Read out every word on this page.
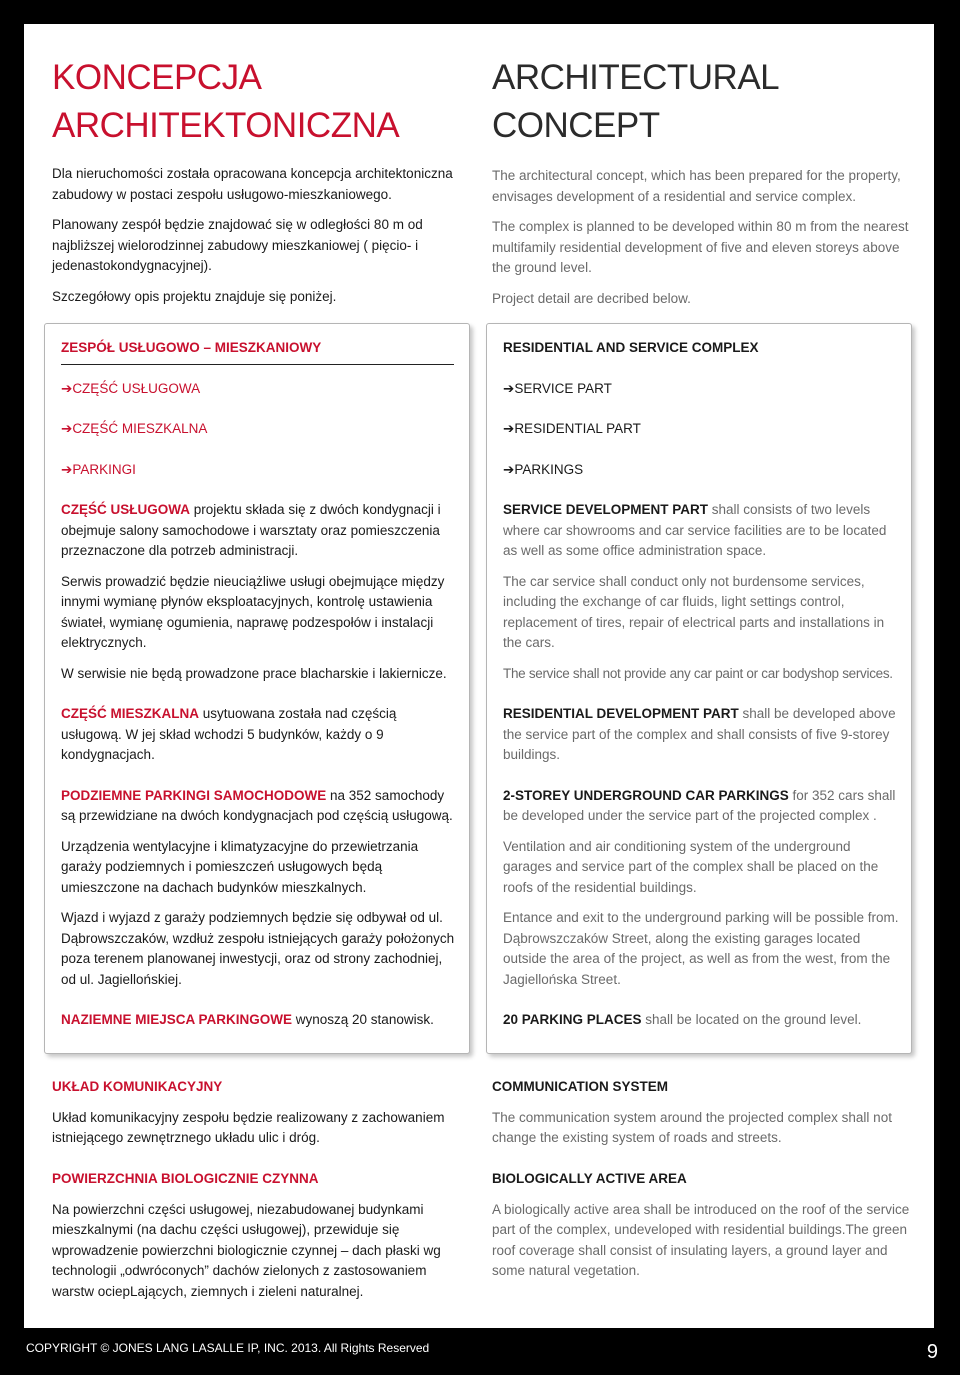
KONCEPCJA ARCHITEKTONICZNA
ARCHITECTURAL CONCEPT

Dla nieruchomości została opracowana koncepcja architektoniczna zabudowy w postaci zespołu usługowo-mieszkaniowego.

Planowany zespół będzie znajdować się w odległości 80 m od najbliższej wielorodzinnej zabudowy mieszkaniowej ( pięcio- i jedenastokondygnacyjnej).

Szczegółowy opis projektu znajduje się poniżej.

The architectural concept, which has been prepared for the property, envisages development of a residential and service complex.

The complex is planned to be developed within 80 m from the nearest multifamily residential development of five and eleven storeys above the ground level.

Project detail are decribed below.

ZESPÓŁ USŁUGOWO – MIESZKANIOWY
➔CZĘŚĆ USŁUGOWA
➔CZĘŚĆ MIESZKALNA
➔PARKINGI

CZĘŚĆ USŁUGOWA projektu składa się z dwóch kondygnacji i obejmuje salony samochodowe i warsztaty oraz pomieszczenia przeznaczone dla potrzeb administracji.

Serwis prowadzić będzie nieuciążliwe usługi obejmujące między innymi wymianę płynów eksploatacyjnych, kontrolę ustawienia świateł, wymianę ogumienia, naprawę podzespołów i instalacji elektrycznych.

W serwisie nie będą prowadzone prace blacharskie i lakiernicze.

CZĘŚĆ MIESZKALNA usytuowana została nad częścią usługową. W jej skład wchodzi 5 budynków, każdy o 9 kondygnacjach.

PODZIEMNE PARKINGI SAMOCHODOWE na 352 samochody są przewidziane na dwóch kondygnacjach pod częścią usługową.

Urządzenia wentylacyjne i klimatyzacyjne do przewietrzania garaży podziemnych i pomieszczeń usługowych będą umieszczone na dachach budynków mieszkalnych.

Wjazd i wyjazd z garaży podziemnych będzie się odbywał od ul. Dąbrowszczaków, wzdłuż zespołu istniejących garaży położonych poza terenem planowanej inwestycji, oraz od strony zachodniej, od ul. Jagiellońskiej.

NAZIEMNE MIEJSCA PARKINGOWE wynoszą 20 stanowisk.

RESIDENTIAL AND SERVICE COMPLEX
➔SERVICE PART
➔RESIDENTIAL PART
➔PARKINGS

SERVICE DEVELOPMENT PART shall consists of two levels where car showrooms and car service facilities are to be located as well as some office administration space.

The car service shall conduct only not burdensome services, including the exchange of car fluids, light settings control, replacement of tires, repair of electrical parts and installations in the cars.

The service shall not provide any car paint or car bodyshop services.

RESIDENTIAL DEVELOPMENT PART shall be developed above the service part of the complex and shall consists of five 9-storey buildings.

2-STOREY UNDERGROUND CAR PARKINGS for 352 cars shall be developed under the service part of the projected complex .

Ventilation and air conditioning system of the underground garages and service part of the complex shall be placed on the roofs of the residential buildings.

Entance and exit to the underground parking will be possible from. Dąbrowszczaków Street, along the existing garages located outside the area of the project, as well as from the west, from the Jagiellońska Street.

20 PARKING PLACES shall be located on the ground level.

UKŁAD KOMUNIKACYJNY

Układ komunikacyjny zespołu będzie realizowany z zachowaniem istniejącego zewnętrznego układu ulic i dróg.

COMMUNICATION SYSTEM

The communication system around the projected complex shall not change the existing system of roads and streets.

POWIERZCHNIA BIOLOGICZNIE CZYNNA

Na powierzchni części usługowej, niezabudowanej budynkami mieszkalnymi (na dachu części usługowej), przewiduje się wprowadzenie powierzchni biologicznie czynnej – dach płaski wg technologii „odwróconych” dachów zielonych z zastosowaniem warstw ociepLających, ziemnych i zieleni naturalnej.

BIOLOGICALLY ACTIVE AREA

A biologically active area shall be introduced on the roof of the service part of the complex, undeveloped with residential buildings.The green roof coverage shall consist of insulating layers, a ground layer and some natural vegetation.

COPYRIGHT © JONES LANG LASALLE IP, INC. 2013. All Rights Reserved	9
